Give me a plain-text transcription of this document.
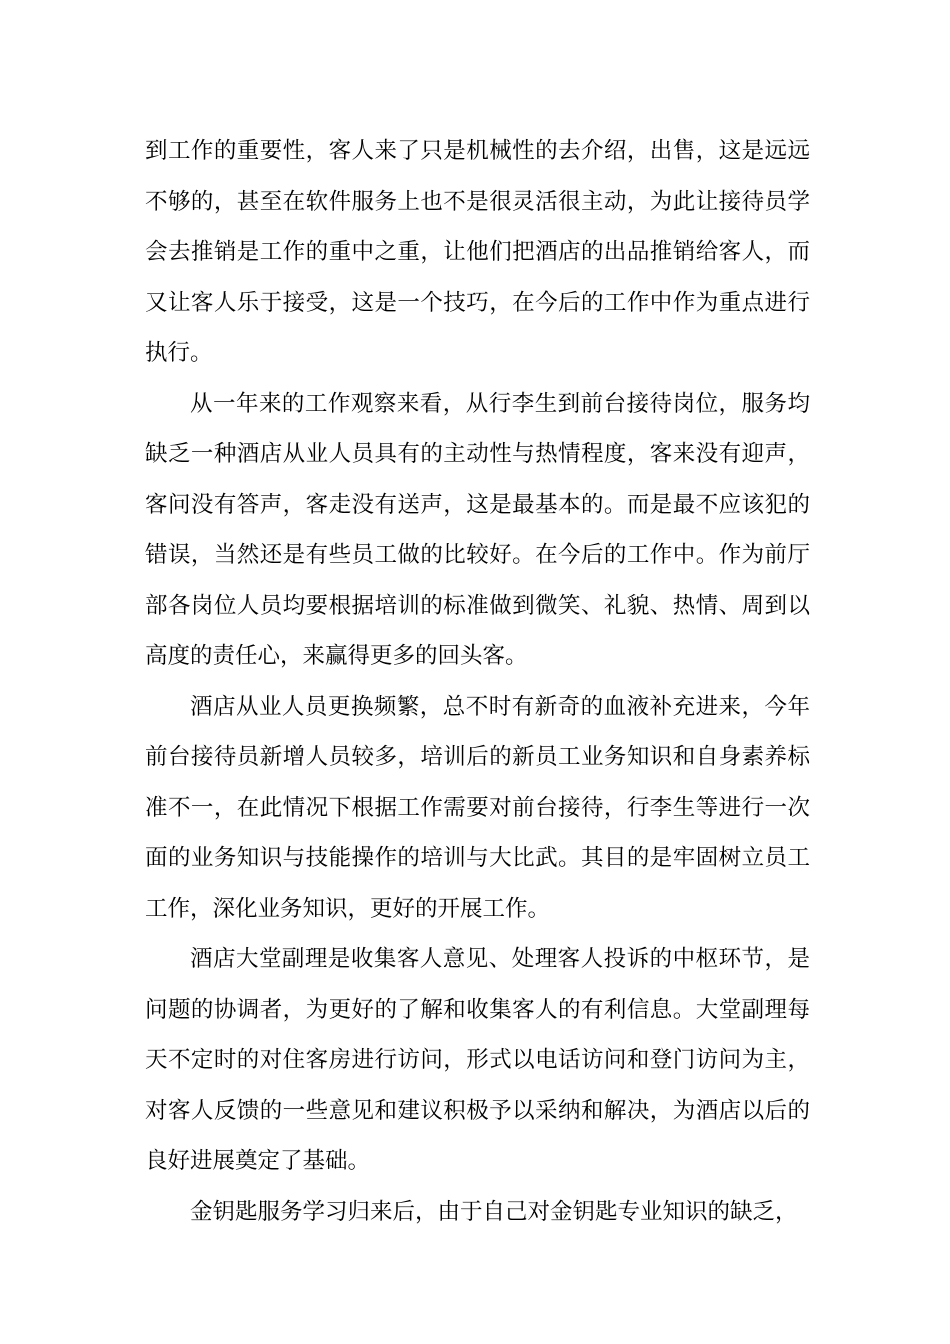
到工作的重要性，客人来了只是机械性的去介绍，出售，这是远远
不够的，甚至在软件服务上也不是很灵活很主动，为此让接待员学
会去推销是工作的重中之重，让他们把酒店的出品推销给客人，而
又让客人乐于接受，这是一个技巧，在今后的工作中作为重点进行
执行。
从一年来的工作观察来看，从行李生到前台接待岗位，服务均
缺乏一种酒店从业人员具有的主动性与热情程度，客来没有迎声，
客问没有答声，客走没有送声，这是最基本的。而是最不应该犯的
错误，当然还是有些员工做的比较好。在今后的工作中。作为前厅
部各岗位人员均要根据培训的标准做到微笑、礼貌、热情、周到以
高度的责任心，来赢得更多的回头客。
酒店从业人员更换频繁，总不时有新奇的血液补充进来，今年
前台接待员新增人员较多，培训后的新员工业务知识和自身素养标
准不一，在此情况下根据工作需要对前台接待，行李生等进行一次
面的业务知识与技能操作的培训与大比武。其目的是牢固树立员工
工作，深化业务知识，更好的开展工作。
酒店大堂副理是收集客人意见、处理客人投诉的中枢环节，是
问题的协调者，为更好的了解和收集客人的有利信息。大堂副理每
天不定时的对住客房进行访问，形式以电话访问和登门访问为主，
对客人反馈的一些意见和建议积极予以采纳和解决，为酒店以后的
良好进展奠定了基础。
金钥匙服务学习归来后，由于自己对金钥匙专业知识的缺乏，
